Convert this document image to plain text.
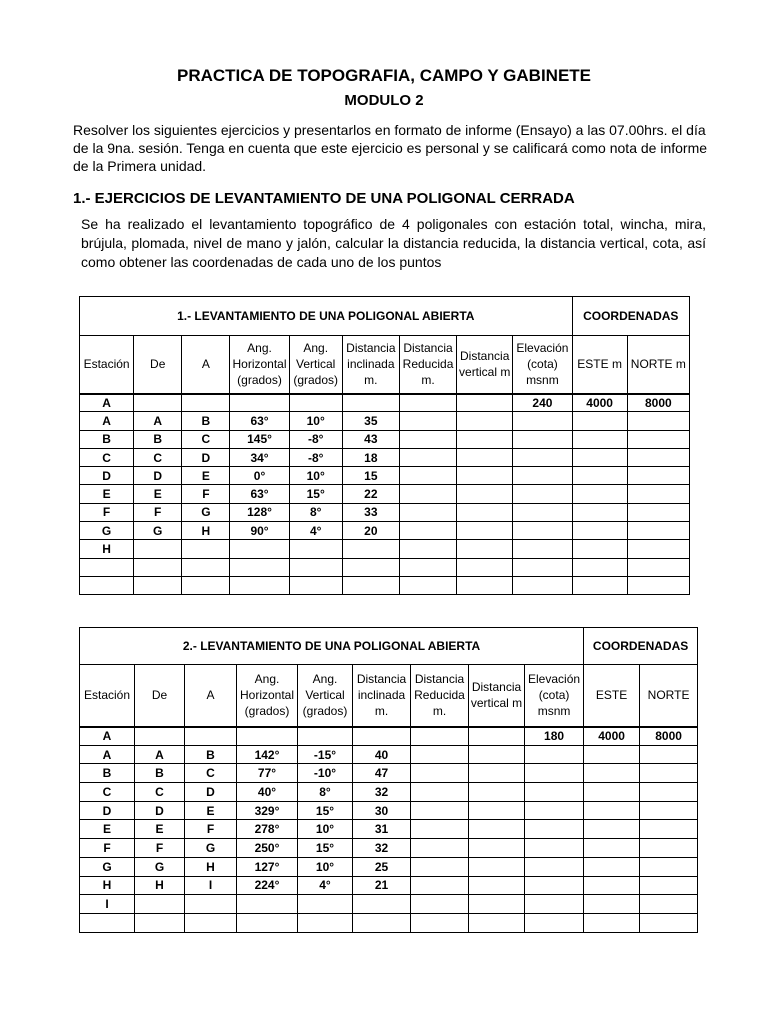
PRACTICA DE TOPOGRAFIA, CAMPO Y GABINETE
MODULO 2

Resolver los siguientes ejercicios y presentarlos en formato de informe (Ensayo) a las 07.00hrs. el día de la 9na. sesión. Tenga en cuenta que este ejercicio es personal y se calificará como nota de informe de la Primera unidad.

1.- EJERCICIOS DE LEVANTAMIENTO DE UNA POLIGONAL CERRADA

Se ha realizado el levantamiento topográfico de 4 poligonales con estación total, wincha, mira, brújula, plomada, nivel de mano y jalón, calcular la distancia reducida, la distancia vertical, cota, así como obtener las coordenadas de cada uno de los puntos

1.- LEVANTAMIENTO DE UNA POLIGONAL ABIERTA									COORDENADAS	
Estación	De	A	Ang. Horizontal (grados)	Ang. Vertical (grados)	Distancia inclinada m.	Distancia Reducida m.	Distancia vertical m	Elevación (cota) msnm	ESTE m	NORTE m
A								240	4000	8000
A	A	B	63°	10°	35					
B	B	C	145°	-8°	43					
C	C	D	34°	-8°	18					
D	D	E	0°	10°	15					
E	E	F	63°	15°	22					
F	F	G	128°	8°	33					
G	G	H	90°	4°	20					
H										

2.- LEVANTAMIENTO DE UNA POLIGONAL ABIERTA									COORDENADAS	
Estación	De	A	Ang. Horizontal (grados)	Ang. Vertical (grados)	Distancia inclinada m.	Distancia Reducida m.	Distancia vertical m	Elevación (cota) msnm	ESTE	NORTE
A								180	4000	8000
A	A	B	142°	-15°	40					
B	B	C	77°	-10°	47					
C	C	D	40°	8°	32					
D	D	E	329°	15°	30					
E	E	F	278°	10°	31					
F	F	G	250°	15°	32					
G	G	H	127°	10°	25					
H	H	I	224°	4°	21					
I										
